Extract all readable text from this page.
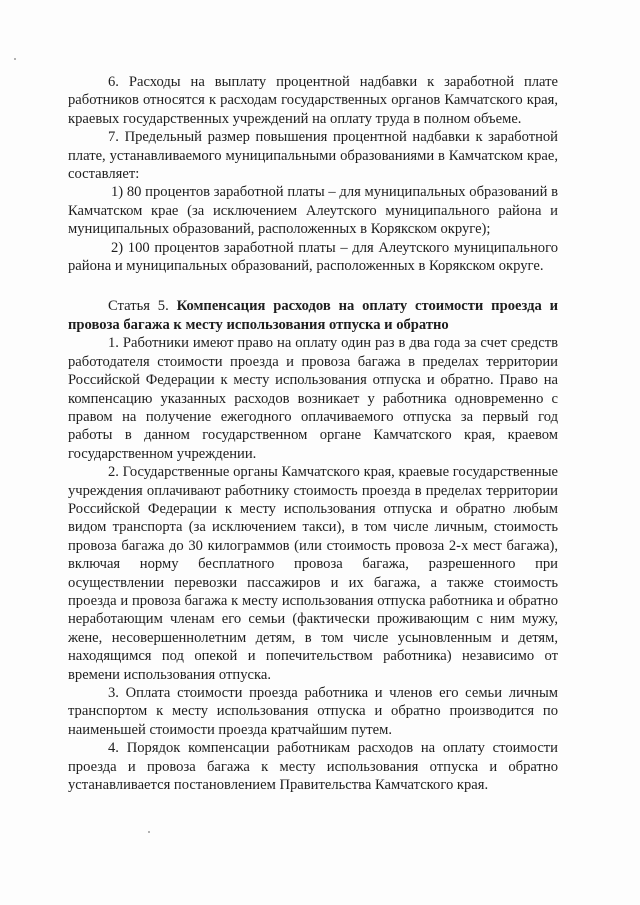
6. Расходы на выплату процентной надбавки к заработной плате работников относятся к расходам государственных органов Камчатского края, краевых государственных учреждений на оплату труда в полном объеме.

7. Предельный размер повышения процентной надбавки к заработной плате, устанавливаемого муниципальными образованиями в Камчатском крае, составляет:

1) 80 процентов заработной платы – для муниципальных образований в Камчатском крае (за исключением Алеутского муниципального района и муниципальных образований, расположенных в Корякском округе);

2) 100 процентов заработной платы – для Алеутского муниципального района и муниципальных образований, расположенных в Корякском округе.

Статья 5. Компенсация расходов на оплату стоимости проезда и провоза багажа к месту использования отпуска и обратно

1. Работники имеют право на оплату один раз в два года за счет средств работодателя стоимости проезда и провоза багажа в пределах территории Российской Федерации к месту использования отпуска и обратно. Право на компенсацию указанных расходов возникает у работника одновременно с правом на получение ежегодного оплачиваемого отпуска за первый год работы в данном государственном органе Камчатского края, краевом государственном учреждении.

2. Государственные органы Камчатского края, краевые государственные учреждения оплачивают работнику стоимость проезда в пределах территории Российской Федерации к месту использования отпуска и обратно любым видом транспорта (за исключением такси), в том числе личным, стоимость провоза багажа до 30 килограммов (или стоимость провоза 2-х мест багажа), включая норму бесплатного провоза багажа, разрешенного при осуществлении перевозки пассажиров и их багажа, а также стоимость проезда и провоза багажа к месту использования отпуска работника и обратно неработающим членам его семьи (фактически проживающим с ним мужу, жене, несовершеннолетним детям, в том числе усыновленным и детям, находящимся под опекой и попечительством работника) независимо от времени использования отпуска.

3. Оплата стоимости проезда работника и членов его семьи личным транспортом к месту использования отпуска и обратно производится по наименьшей стоимости проезда кратчайшим путем.

4. Порядок компенсации работникам расходов на оплату стоимости проезда и провоза багажа к месту использования отпуска и обратно устанавливается постановлением Правительства Камчатского края.
